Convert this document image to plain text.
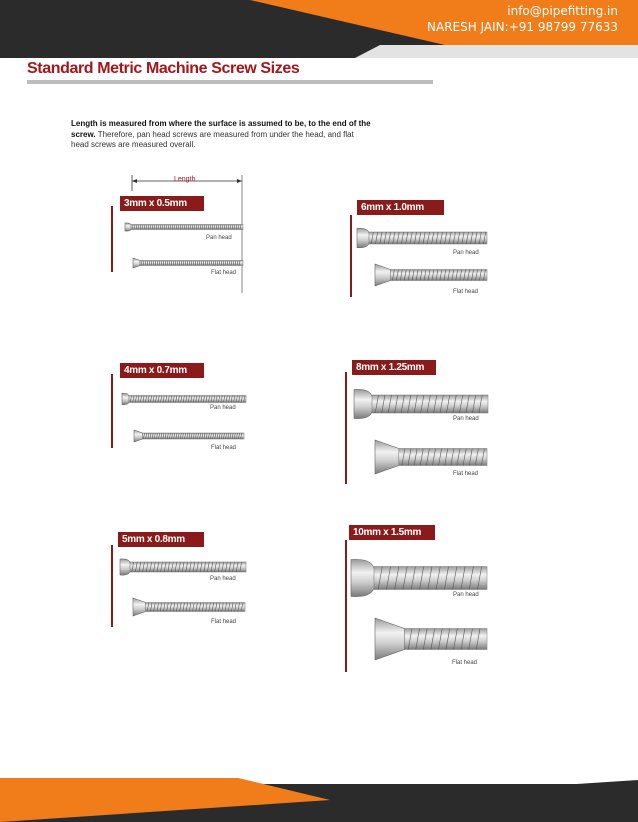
info@pipefitting.in
NARESH JAIN:+91 98799 77633
Standard Metric Machine Screw Sizes
Length is measured from where the surface is assumed to be, to the end of the screw. Therefore, pan head screws are measured from under the head, and flat head screws are measured overall.
Length
3mm x 0.5mm
Pan head
Flat head
6mm x 1.0mm
Pan head
Flat head
4mm x 0.7mm
Pan head
Flat head
8mm x 1.25mm
Pan head
Flat head
5mm x 0.8mm
Pan head
Flat head
10mm x 1.5mm
Pan head
Flat head
